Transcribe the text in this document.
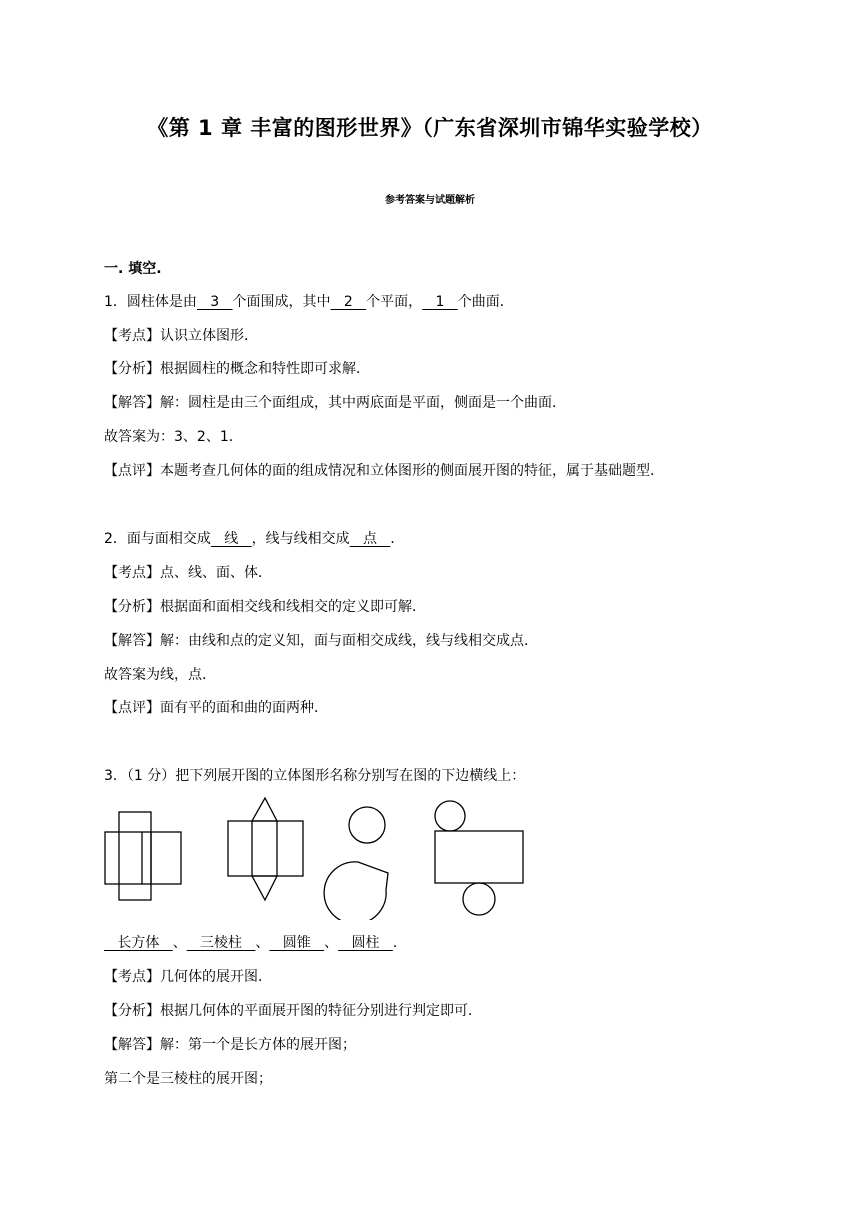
《第 1 章 丰富的图形世界》（广东省深圳市锦华实验学校）
参考答案与试题解析
一. 填空.
1．圆柱体是由   3   个面围成，其中   2   个平面，   1   个曲面．
【考点】认识立体图形．
【分析】根据圆柱的概念和特性即可求解．
【解答】解：圆柱是由三个面组成，其中两底面是平面，侧面是一个曲面．
故答案为：3、2、1．
【点评】本题考查几何体的面的组成情况和立体图形的侧面展开图的特征，属于基础题型．
2．面与面相交成   线   ，线与线相交成   点   ．
【考点】点、线、面、体．
【分析】根据面和面相交线和线相交的定义即可解．
【解答】解：由线和点的定义知，面与面相交成线，线与线相交成点．
故答案为线，点．
【点评】面有平的面和曲的面两种．
3．（1 分）把下列展开图的立体图形名称分别写在图的下边横线上：
长方体   、   三棱柱   、   圆锥   、   圆柱   ．
【考点】几何体的展开图．
【分析】根据几何体的平面展开图的特征分别进行判定即可．
【解答】解：第一个是长方体的展开图；
第二个是三棱柱的展开图；
